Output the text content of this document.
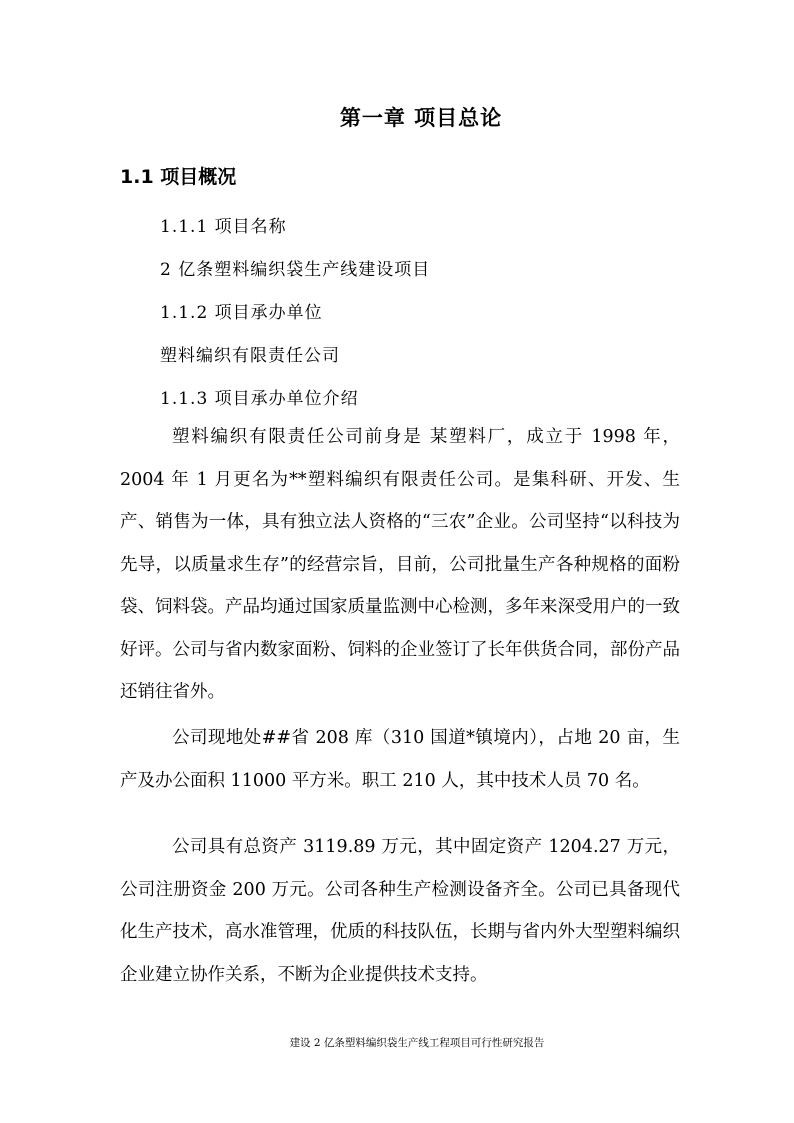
第一章 项目总论
1.1 项目概况

1.1.1 项目名称

2 亿条塑料编织袋生产线建设项目

1.1.2 项目承办单位

塑料编织有限责任公司

1.1.3 项目承办单位介绍

塑料编织有限责任公司前身是 某塑料厂，成立于 1998 年，2004 年 1 月更名为**塑料编织有限责任公司。是集科研、开发、生产、销售为一体，具有独立法人资格的“三农”企业。公司坚持“以科技为先导，以质量求生存”的经营宗旨，目前，公司批量生产各种规格的面粉袋、饲料袋。产品均通过国家质量监测中心检测，多年来深受用户的一致好评。公司与省内数家面粉、饲料的企业签订了长年供货合同，部份产品还销往省外。

公司现地处##省 208 库（310 国道*镇境内），占地 20 亩，生产及办公面积 11000 平方米。职工 210 人，其中技术人员 70 名。

公司具有总资产 3119.89 万元，其中固定资产 1204.27 万元，公司注册资金 200 万元。公司各种生产检测设备齐全。公司已具备现代化生产技术，高水准管理，优质的科技队伍，长期与省内外大型塑料编织企业建立协作关系，不断为企业提供技术支持。

建设 2 亿条塑料编织袋生产线工程项目可行性研究报告
